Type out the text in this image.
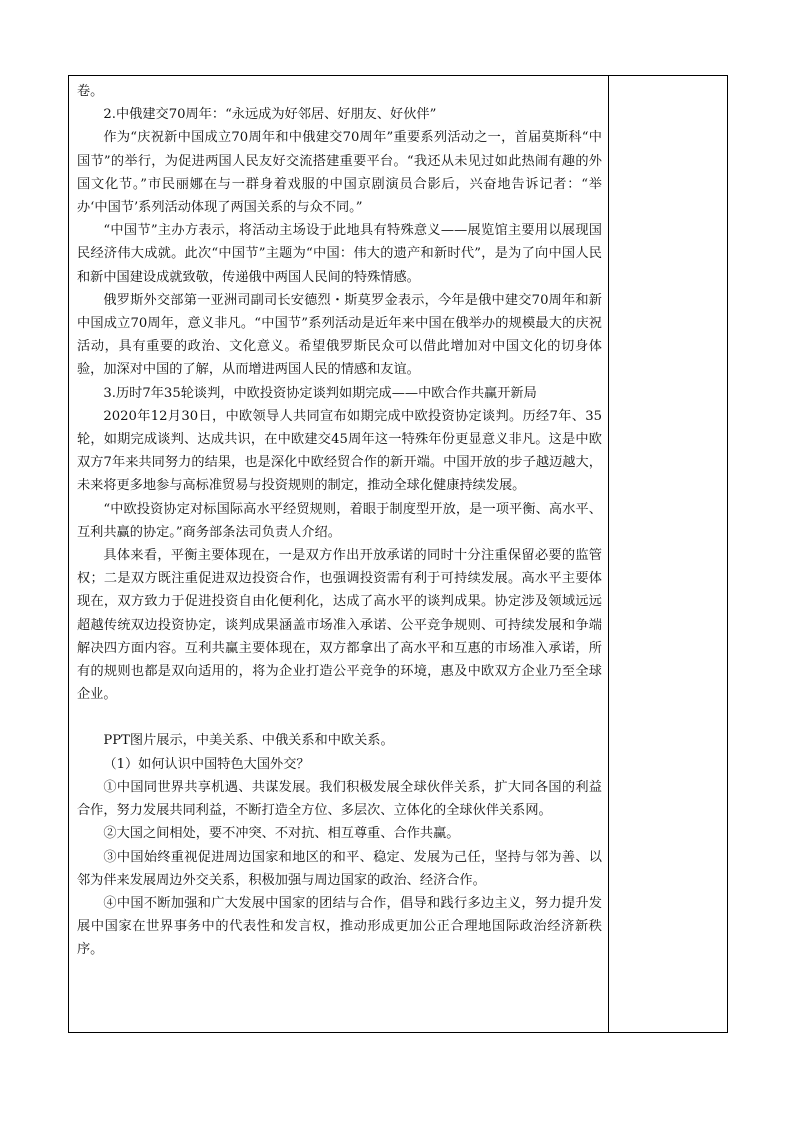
卷。

2.中俄建交70周年：“永远成为好邻居、好朋友、好伙伴”

作为“庆祝新中国成立70周年和中俄建交70周年”重要系列活动之一，首届莫斯科“中国节”的举行，为促进两国人民友好交流搭建重要平台。“我还从未见过如此热闹有趣的外国文化节。”市民丽娜在与一群身着戏服的中国京剧演员合影后，兴奋地告诉记者：“举办‘中国节’系列活动体现了两国关系的与众不同。”

“中国节”主办方表示，将活动主场设于此地具有特殊意义——展览馆主要用以展现国民经济伟大成就。此次“中国节”主题为“中国：伟大的遗产和新时代”，是为了向中国人民和新中国建设成就致敬，传递俄中两国人民间的特殊情感。

俄罗斯外交部第一亚洲司副司长安德烈・斯莫罗金表示，今年是俄中建交70周年和新中国成立70周年，意义非凡。“中国节”系列活动是近年来中国在俄举办的规模最大的庆祝活动，具有重要的政治、文化意义。希望俄罗斯民众可以借此增加对中国文化的切身体验，加深对中国的了解，从而增进两国人民的情感和友谊。

3.历时7年35轮谈判，中欧投资协定谈判如期完成——中欧合作共赢开新局

2020年12月30日，中欧领导人共同宣布如期完成中欧投资协定谈判。历经7年、35轮，如期完成谈判、达成共识，在中欧建交45周年这一特殊年份更显意义非凡。这是中欧双方7年来共同努力的结果，也是深化中欧经贸合作的新开端。中国开放的步子越迈越大，未来将更多地参与高标准贸易与投资规则的制定，推动全球化健康持续发展。

“中欧投资协定对标国际高水平经贸规则，着眼于制度型开放，是一项平衡、高水平、互利共赢的协定。”商务部条法司负责人介绍。

具体来看，平衡主要体现在，一是双方作出开放承诺的同时十分注重保留必要的监管权；二是双方既注重促进双边投资合作，也强调投资需有利于可持续发展。高水平主要体现在，双方致力于促进投资自由化便利化，达成了高水平的谈判成果。协定涉及领域远远超越传统双边投资协定，谈判成果涵盖市场准入承诺、公平竞争规则、可持续发展和争端解决四方面内容。互利共赢主要体现在，双方都拿出了高水平和互惠的市场准入承诺，所有的规则也都是双向适用的，将为企业打造公平竞争的环境，惠及中欧双方企业乃至全球企业。

PPT图片展示，中美关系、中俄关系和中欧关系。

（1）如何认识中国特色大国外交？

①中国同世界共享机遇、共谋发展。我们积极发展全球伙伴关系，扩大同各国的利益合作，努力发展共同利益，不断打造全方位、多层次、立体化的全球伙伴关系网。

②大国之间相处，要不冲突、不对抗、相互尊重、合作共赢。

③中国始终重视促进周边国家和地区的和平、稳定、发展为己任，坚持与邻为善、以邻为伴来发展周边外交关系，积极加强与周边国家的政治、经济合作。

④中国不断加强和广大发展中国家的团结与合作，倡导和践行多边主义，努力提升发展中国家在世界事务中的代表性和发言权，推动形成更加公正合理地国际政治经济新秩序。
